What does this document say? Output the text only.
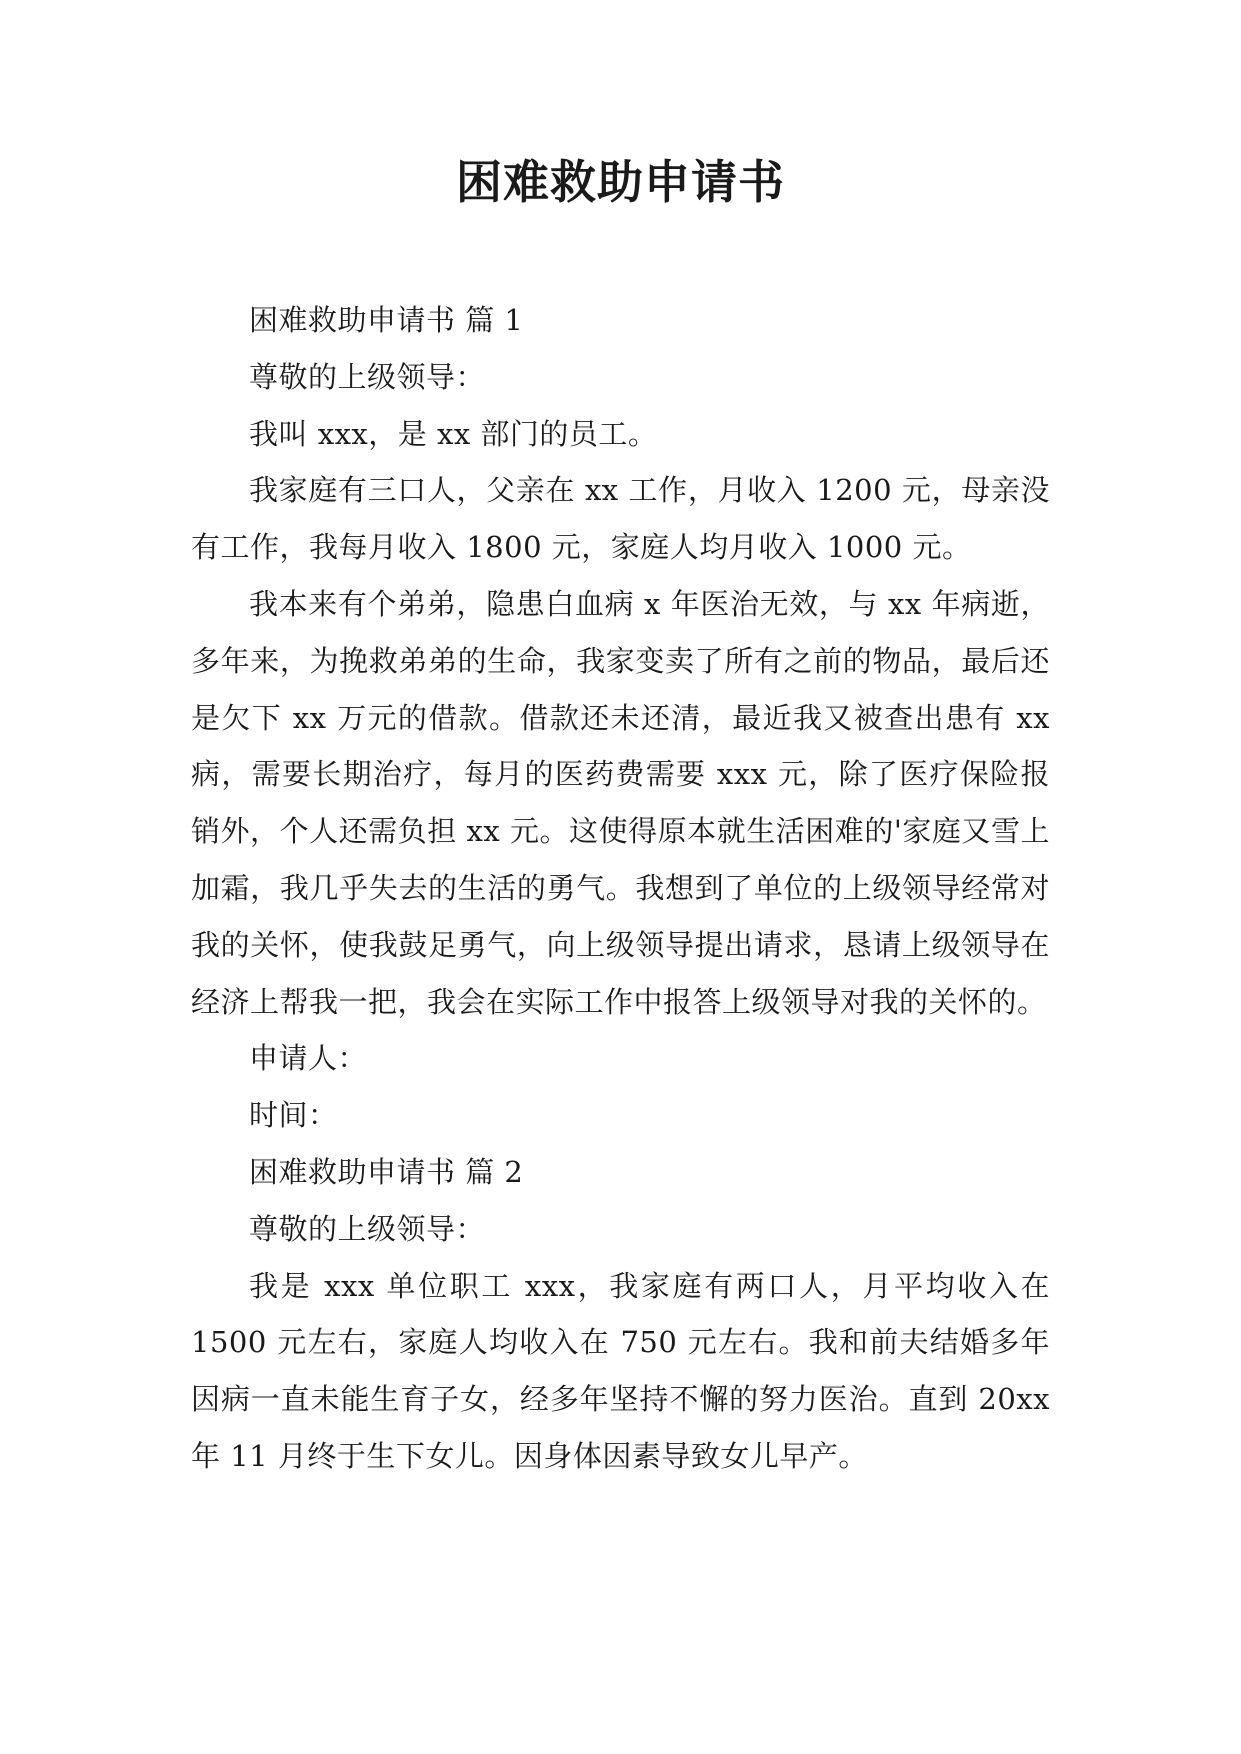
困难救助申请书

困难救助申请书 篇 1

尊敬的上级领导：

我叫 xxx，是 xx 部门的员工。

我家庭有三口人，父亲在 xx 工作，月收入 1200 元，母亲没有工作，我每月收入 1800 元，家庭人均月收入 1000 元。

我本来有个弟弟，隐患白血病 x 年医治无效，与 xx 年病逝，多年来，为挽救弟弟的生命，我家变卖了所有之前的物品，最后还是欠下 xx 万元的借款。借款还未还清，最近我又被查出患有 xx 病，需要长期治疗，每月的医药费需要 xxx 元，除了医疗保险报销外，个人还需负担 xx 元。这使得原本就生活困难的'家庭又雪上加霜，我几乎失去的生活的勇气。我想到了单位的上级领导经常对我的关怀，使我鼓足勇气，向上级领导提出请求，恳请上级领导在经济上帮我一把，我会在实际工作中报答上级领导对我的关怀的。

申请人：

时间：

困难救助申请书 篇 2

尊敬的上级领导：

我是 xxx 单位职工 xxx，我家庭有两口人，月平均收入在 1500 元左右，家庭人均收入在 750 元左右。我和前夫结婚多年因病一直未能生育子女，经多年坚持不懈的努力医治。直到 20xx 年 11 月终于生下女儿。因身体因素导致女儿早产。
